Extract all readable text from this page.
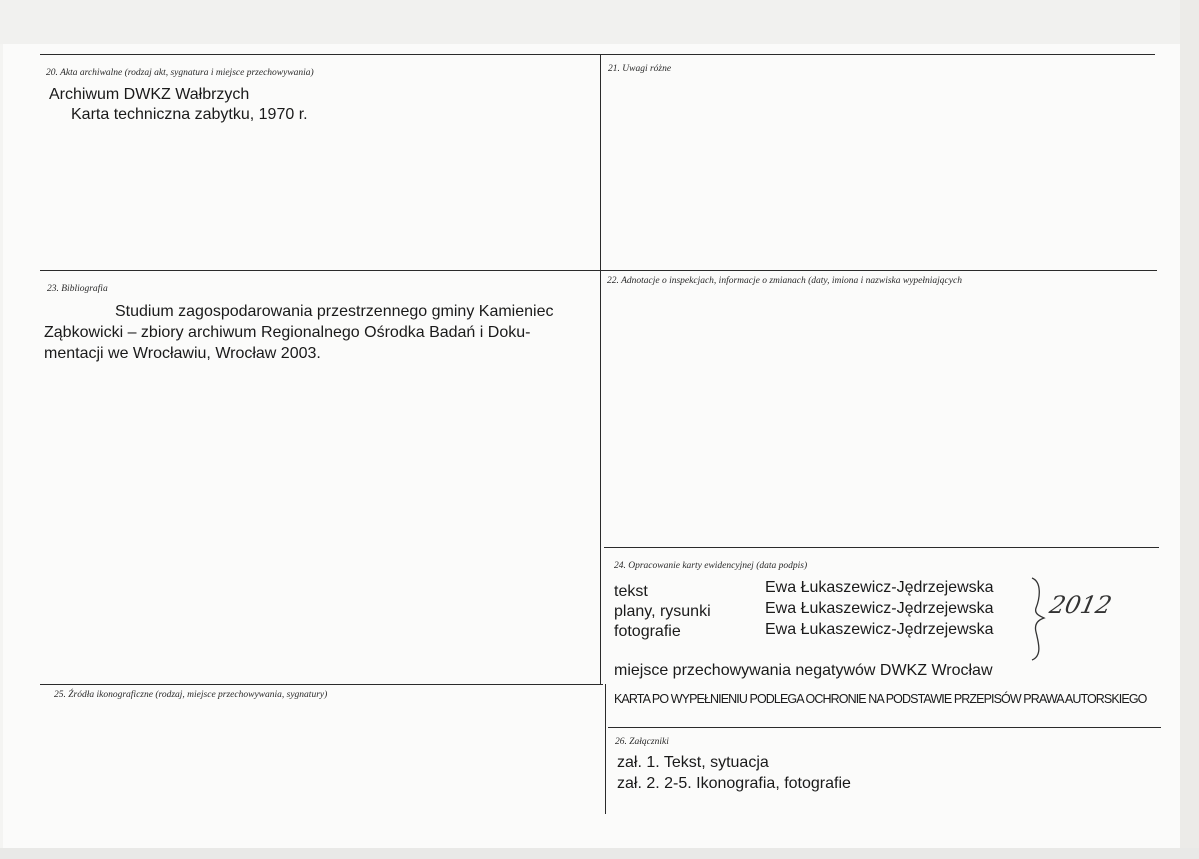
20. Akta archiwalne (rodzaj akt, sygnatura i miejsce przechowywania)
Archiwum DWKZ Wałbrzych
Karta techniczna zabytku, 1970 r.
21. Uwagi różne
23. Bibliografia
Studium zagospodarowania przestrzennego gminy Kamieniec
Ząbkowicki – zbiory archiwum Regionalnego Ośrodka Badań i Doku-
mentacji we Wrocławiu, Wrocław 2003.
22. Adnotacje o inspekcjach, informacje o zmianach (daty, imiona i nazwiska wypełniających
24. Opracowanie karty ewidencyjnej (data podpis)
tekst	Ewa Łukaszewicz-Jędrzejewska
plany, rysunki	Ewa Łukaszewicz-Jędrzejewska
fotografie	Ewa Łukaszewicz-Jędrzejewska
2012
miejsce przechowywania negatywów DWKZ Wrocław
KARTA PO WYPEŁNIENIU PODLEGA OCHRONIE NA PODSTAWIE PRZEPISÓW PRAWA AUTORSKIEGO
25. Źródła ikonograficzne (rodzaj, miejsce przechowywania, sygnatury)
26. Załączniki
zał. 1. Tekst, sytuacja
zał. 2. 2-5. Ikonografia, fotografie
